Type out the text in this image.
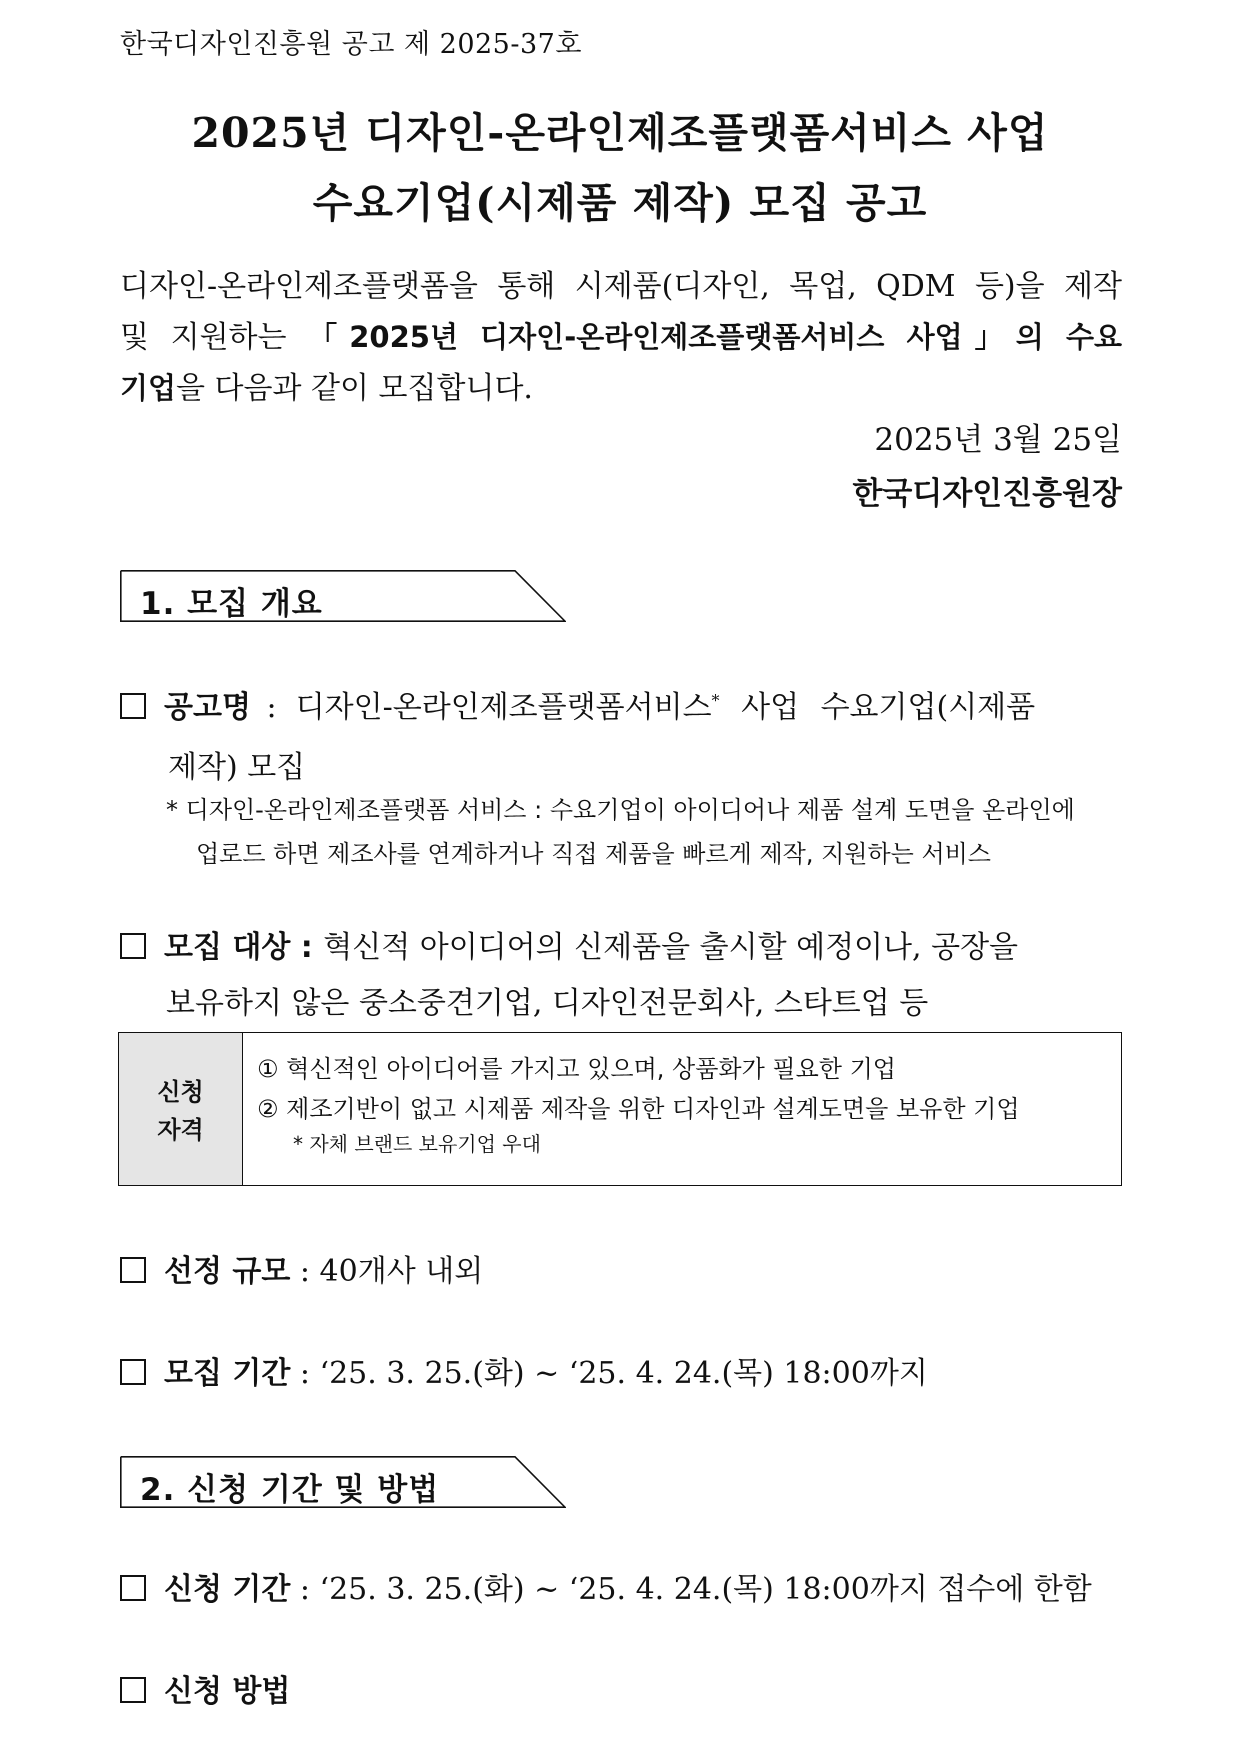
한국디자인진흥원 공고 제 2025-37호
2025년 디자인-온라인제조플랫폼서비스 사업
수요기업(시제품 제작) 모집 공고
디자인-온라인제조플랫폼을 통해 시제품(디자인, 목업, QDM 등)을 제작
및 지원하는 「2025년 디자인-온라인제조플랫폼서비스 사업」의 수요
기업을 다음과 같이 모집합니다.
2025년 3월 25일
한국디자인진흥원장
1. 모집 개요
공고명 :  디자인-온라인제조플랫폼서비스* 사업 수요기업(시제품
제작) 모집
* 디자인-온라인제조플랫폼 서비스 : 수요기업이 아이디어나 제품 설계 도면을 온라인에
업로드 하면 제조사를 연계하거나 직접 제품을 빠르게 제작, 지원하는 서비스
모집 대상 : 혁신적 아이디어의 신제품을 출시할 예정이나, 공장을
보유하지 않은 중소중견기업, 디자인전문회사, 스타트업 등
신청
자격
① 혁신적인 아이디어를 가지고 있으며, 상품화가 필요한 기업
② 제조기반이 없고 시제품 제작을 위한 디자인과 설계도면을 보유한 기업
* 자체 브랜드 보유기업 우대
선정 규모 : 40개사 내외
모집 기간 : ‘25. 3. 25.(화) ~ ‘25. 4. 24.(목) 18:00까지
2. 신청 기간 및 방법
신청 기간 : ‘25. 3. 25.(화) ~ ‘25. 4. 24.(목) 18:00까지 접수에 한함
신청 방법
